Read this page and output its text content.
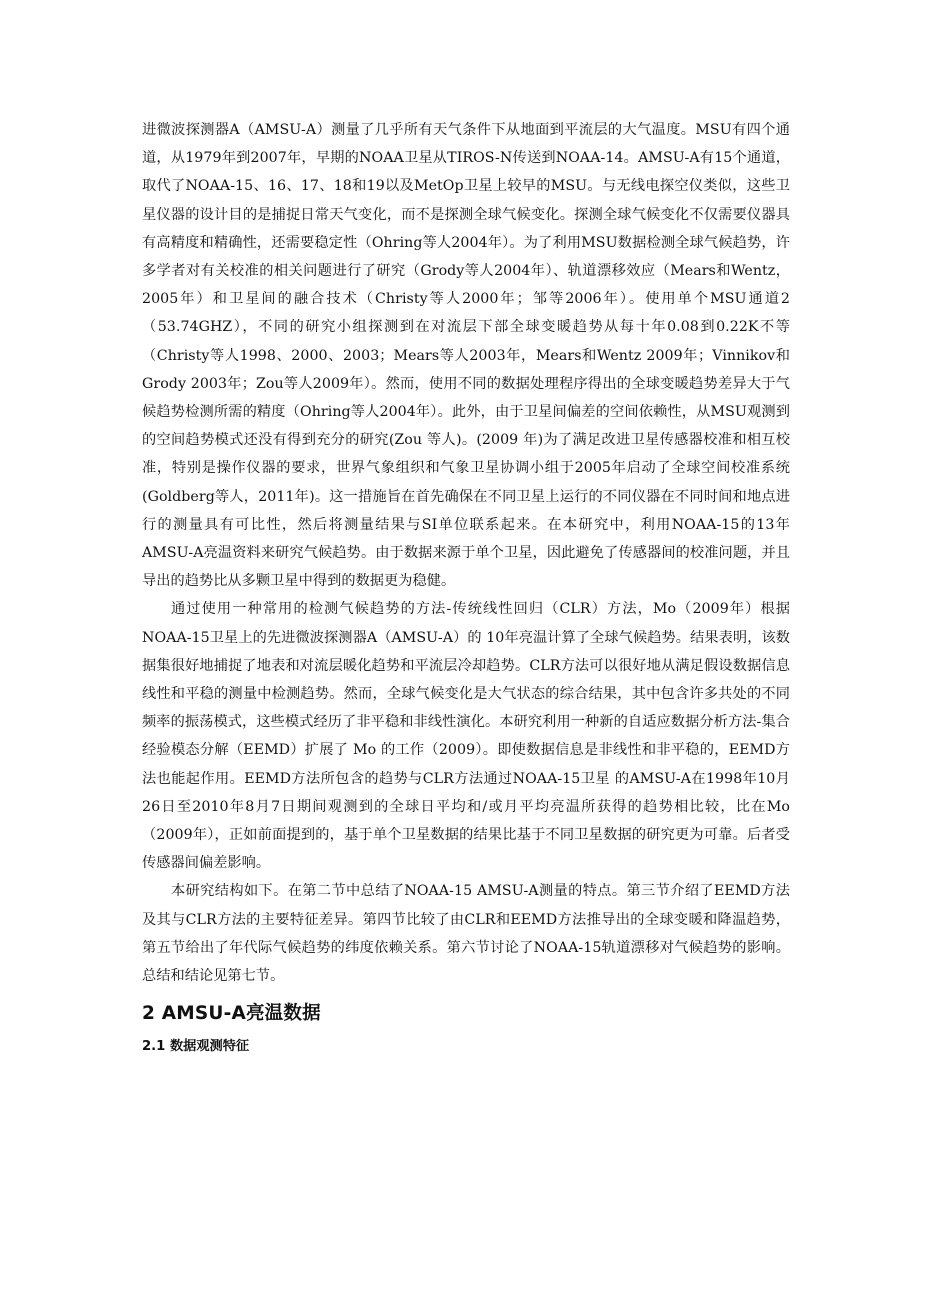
进微波探测器A（AMSU-A）测量了几乎所有天气条件下从地面到平流层的大气温度。MSU有四个通道，从1979年到2007年，早期的NOAA卫星从TIROS-N传送到NOAA-14。AMSU-A有15个通道，取代了NOAA-15、16、17、18和19以及MetOp卫星上较早的MSU。与无线电探空仪类似，这些卫星仪器的设计目的是捕捉日常天气变化，而不是探测全球气候变化。探测全球气候变化不仅需要仪器具有高精度和精确性，还需要稳定性（Ohring等人2004年）。为了利用MSU数据检测全球气候趋势，许多学者对有关校准的相关问题进行了研究（Grody等人2004年）、轨道漂移效应（Mears和Wentz，2005年）和卫星间的融合技术（Christy等人2000年；邹等2006年）。使用单个MSU通道2（53.74GHZ），不同的研究小组探测到在对流层下部全球变暖趋势从每十年0.08到0.22K不等（Christy等人1998、2000、2003；Mears等人2003年，Mears和Wentz 2009年；Vinnikov和Grody 2003年；Zou等人2009年）。然而，使用不同的数据处理程序得出的全球变暖趋势差异大于气候趋势检测所需的精度（Ohring等人2004年）。此外，由于卫星间偏差的空间依赖性，从MSU观测到的空间趋势模式还没有得到充分的研究(Zou 等人)。(2009 年)为了满足改进卫星传感器校准和相互校准，特别是操作仪器的要求，世界气象组织和气象卫星协调小组于2005年启动了全球空间校准系统(Goldberg等人，2011年)。这一措施旨在首先确保在不同卫星上运行的不同仪器在不同时间和地点进行的测量具有可比性，然后将测量结果与SI单位联系起来。在本研究中，利用NOAA-15的13年AMSU-A亮温资料来研究气候趋势。由于数据来源于单个卫星，因此避免了传感器间的校准问题，并且导出的趋势比从多颗卫星中得到的数据更为稳健。

通过使用一种常用的检测气候趋势的方法-传统线性回归（CLR）方法，Mo（2009年）根据NOAA-15卫星上的先进微波探测器A（AMSU-A）的 10年亮温计算了全球气候趋势。结果表明，该数据集很好地捕捉了地表和对流层暖化趋势和平流层冷却趋势。CLR方法可以很好地从满足假设数据信息线性和平稳的测量中检测趋势。然而，全球气候变化是大气状态的综合结果，其中包含许多共处的不同频率的振荡模式，这些模式经历了非平稳和非线性演化。本研究利用一种新的自适应数据分析方法-集合经验模态分解（EEMD）扩展了 Mo 的工作（2009）。即使数据信息是非线性和非平稳的，EEMD方法也能起作用。EEMD方法所包含的趋势与CLR方法通过NOAA-15卫星 的AMSU-A在1998年10月26日至2010年8月7日期间观测到的全球日平均和/或月平均亮温所获得的趋势相比较，比在Mo（2009年），正如前面提到的，基于单个卫星数据的结果比基于不同卫星数据的研究更为可靠。后者受传感器间偏差影响。

本研究结构如下。在第二节中总结了NOAA-15 AMSU-A测量的特点。第三节介绍了EEMD方法及其与CLR方法的主要特征差异。第四节比较了由CLR和EEMD方法推导出的全球变暖和降温趋势，第五节给出了年代际气候趋势的纬度依赖关系。第六节讨论了NOAA-15轨道漂移对气候趋势的影响。总结和结论见第七节。

2 AMSU-A亮温数据
2.1 数据观测特征
